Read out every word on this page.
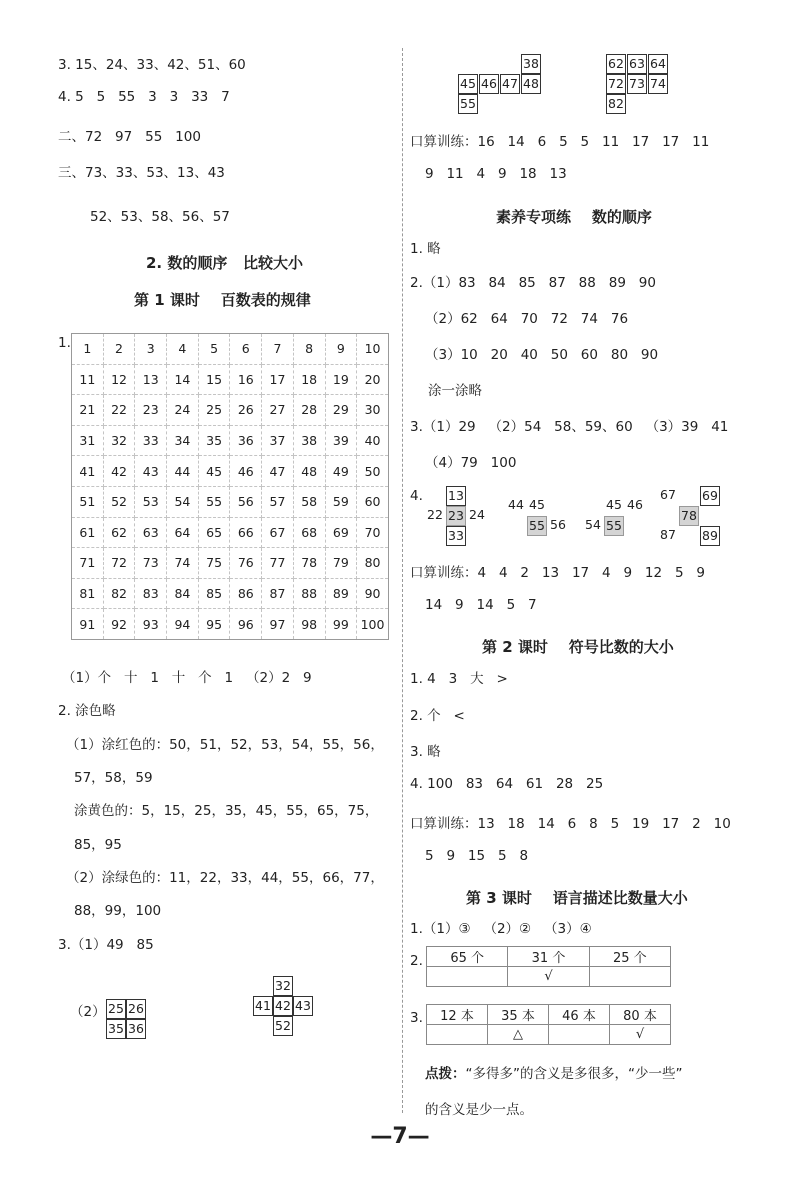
3. 15、24、33、42、51、60
4. 5   5   55   3   3   33   7
二、72   97   55   100
三、73、33、53、13、43
52、53、58、56、57
2. 数的顺序   比较大小
第 1 课时    百数表的规律
1. 1	2	3	4	5	6	7	8	9	10
11	12	13	14	15	16	17	18	19	20
21	22	23	24	25	26	27	28	29	30
31	32	33	34	35	36	37	38	39	40
41	42	43	44	45	46	47	48	49	50
51	52	53	54	55	56	57	58	59	60
61	62	63	64	65	66	67	68	69	70
71	72	73	74	75	76	77	78	79	80
81	82	83	84	85	86	87	88	89	90
91	92	93	94	95	96	97	98	99	100
（1）个   十   1   十   个   1   （2）2   9
2. 涂色略
（1）涂红色的：50，51，52，53，54，55，56，
57，58，59
涂黄色的：5，15，25，35，45，55，65，75，
85，95
（2）涂绿色的：11，22，33，44，55，66，77，
88，99，100
3.（1）49   85
（2） 25 26
35 36
32
41 42 43
52
38
45 46 47 48
55
62 63 64
72 73 74
82
口算训练：16   14   6   5   5   11   17   17   11
9   11   4   9   18   13
素养专项练    数的顺序
1. 略
2.（1）83   84   85   87   88   89   90
（2）62   64   70   72   74   76
（3）10   20   40   50   60   80   90
涂一涂略
3.（1）29   （2）54   58、59、60   （3）39   41
（4）79   100
4. 13
22 23 24
33
44 45
55 56
45 46
54 55
67 69
78
87 89
口算训练：4   4   2   13   17   4   9   12   5   9
14   9   14   5   7
第 2 课时    符号比数的大小
1. 4   3   大   >
2. 个   <
3. 略
4. 100   83   64   61   28   25
口算训练：13   18   14   6   8   5   19   17   2   10
5   9   15   5   8
第 3 课时    语言描述比数量大小
1.（1）③   （2）②   （3）④
2. 65 个	31 个	25 个
	√	
3. 12 本	35 本	46 本	80 本
	△		√
点拨：“多得多”的含义是多很多，“少一些”
的含义是少一点。
—7—
